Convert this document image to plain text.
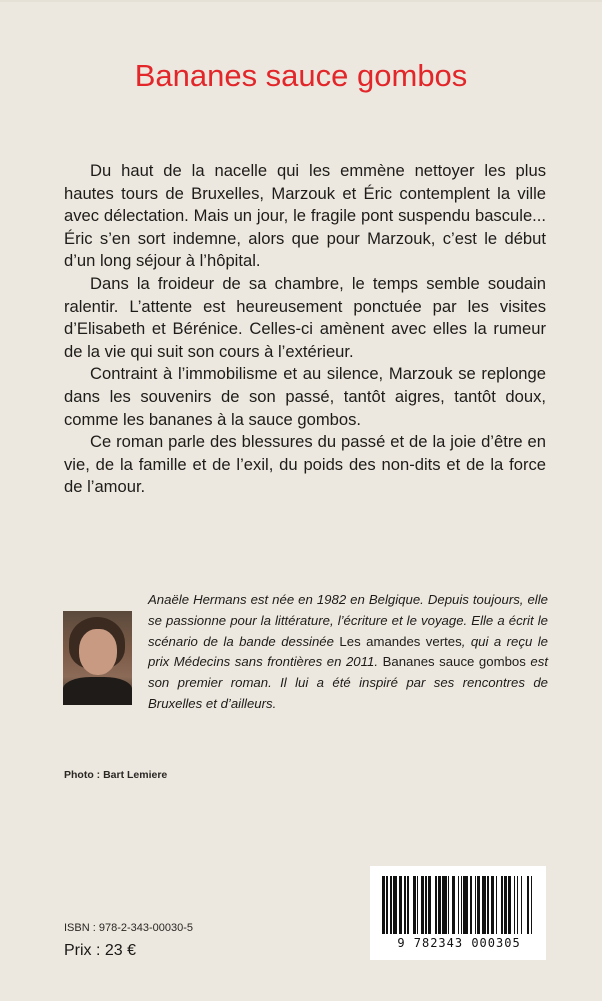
Bananes sauce gombos

Du haut de la nacelle qui les emmène nettoyer les plus hautes tours de Bruxelles, Marzouk et Éric contemplent la ville avec délectation. Mais un jour, le fragile pont suspendu bascule... Éric s’en sort indemne, alors que pour Marzouk, c’est le début d’un long séjour à l’hôpital.

Dans la froideur de sa chambre, le temps semble soudain ralentir. L’attente est heureusement ponctuée par les visites d’Elisabeth et Bérénice. Celles-ci amènent avec elles la rumeur de la vie qui suit son cours à l’extérieur.

Contraint à l’immobilisme et au silence, Marzouk se replonge dans les souvenirs de son passé, tantôt aigres, tantôt doux, comme les bananes à la sauce gombos.

Ce roman parle des blessures du passé et de la joie d’être en vie, de la famille et de l’exil, du poids des non-dits et de la force de l’amour.

Anaële Hermans est née en 1982 en Belgique. Depuis toujours, elle se passionne pour la littérature, l’écriture et le voyage. Elle a écrit le scénario de la bande dessinée Les amandes vertes, qui a reçu le prix Médecins sans frontières en 2011. Bananes sauce gombos est son premier roman. Il lui a été inspiré par ses rencontres de Bruxelles et d’ailleurs.
Photo : Bart Lemiere
ISBN : 978-2-343-00030-5
Prix : 23 €	9 782343 000305
